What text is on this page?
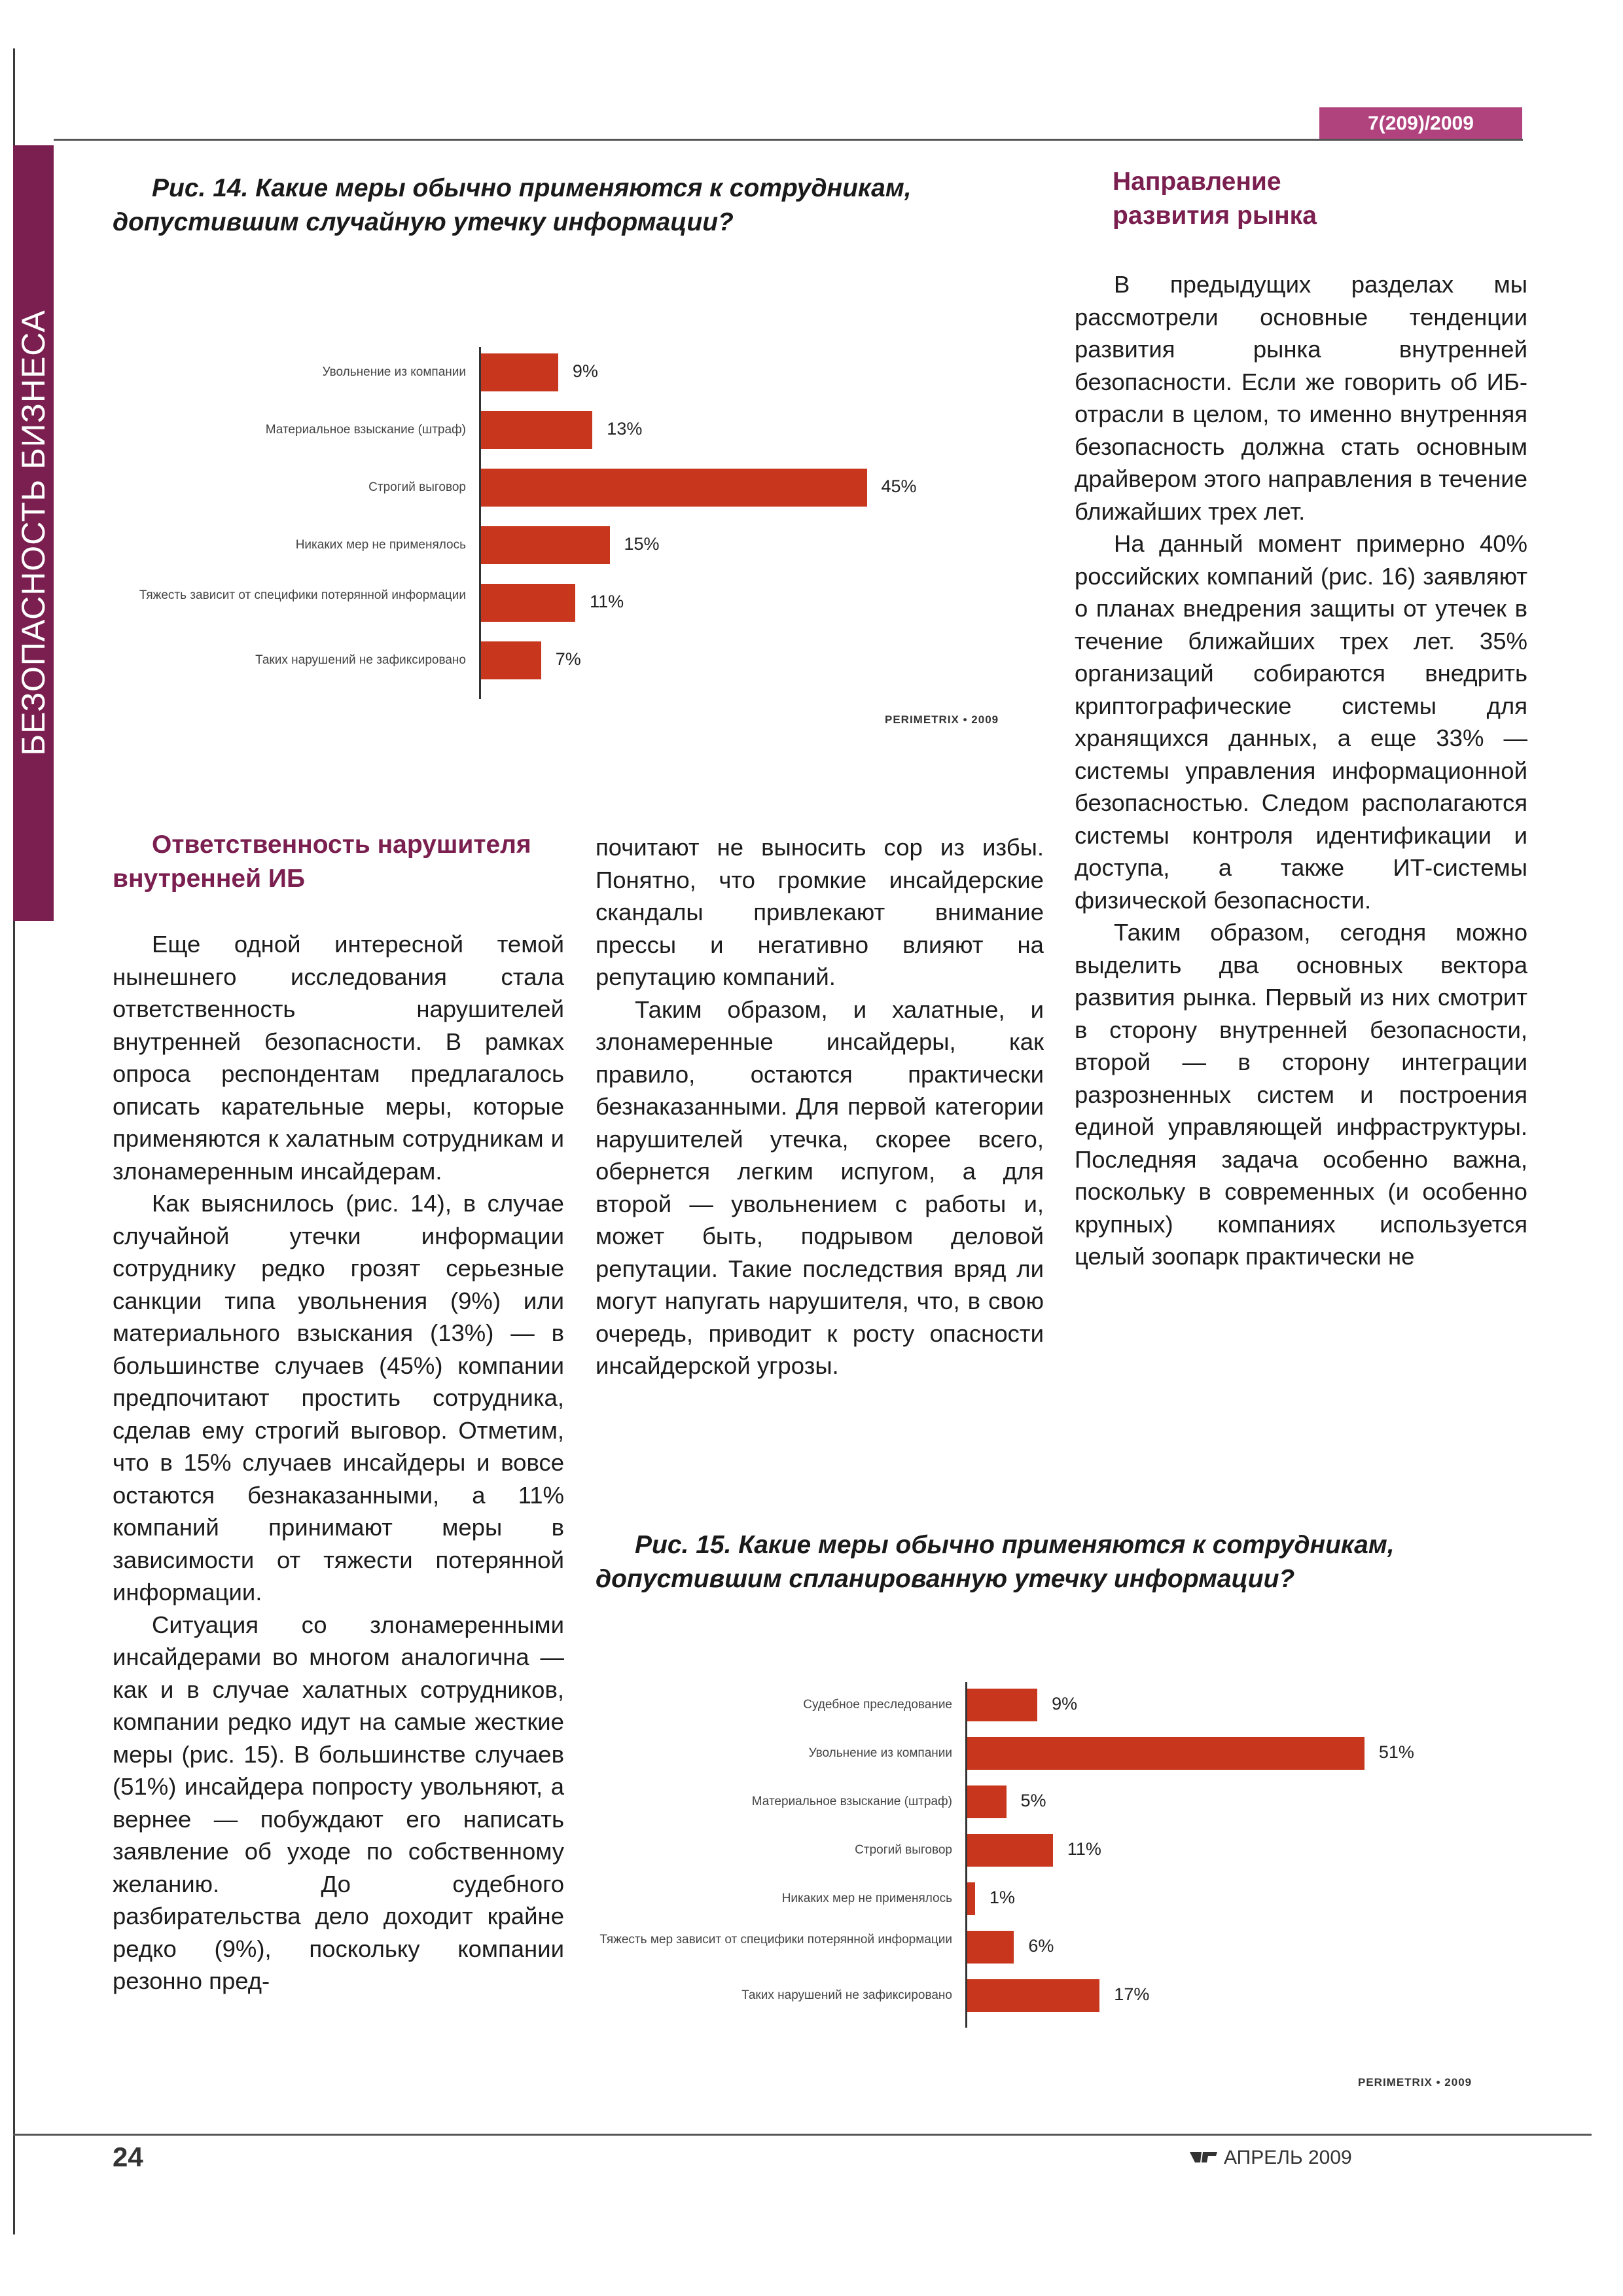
БЕЗОПАСНОСТЬ БИЗНЕСА
7(209)/2009
Рис. 14. Какие меры обычно применяются к сотрудникам, допустившим случайную утечку информации?
Увольнение из компании	9%
Материальное взыскание (штраф)	13%
Строгий выговор	45%
Никаких мер не применялось	15%
Тяжесть зависит от специфики потерянной информации	11%
Таких нарушений не зафиксировано	7%
PERIMETRIX • 2009
Направление развития рынка

В предыдущих разделах мы рассмотрели основные тенденции развития рынка внутренней безопасности. Если же говорить об ИБ-отрасли в целом, то именно внутренняя безопасность должна стать основным драйвером этого направления в течение ближайших трех лет.

На данный момент примерно 40% российских компаний (рис. 16) заявляют о планах внедрения защиты от утечек в течение ближайших трех лет. 35% организаций собираются внедрить криптографические системы для хранящихся данных, а еще 33% — системы управления информационной безопасностью. Следом располагаются системы контроля идентификации и доступа, а также ИТ-системы физической безопасности.

Таким образом, сегодня можно выделить два основных вектора развития рынка. Первый из них смотрит в сторону внутренней безопасности, второй — в сторону интеграции разрозненных систем и построения единой управляющей инфраструктуры. Последняя задача особенно важна, поскольку в современных (и особенно крупных) компаниях используется целый зоопарк практически не

Ответственность нарушителя внутренней ИБ

Еще одной интересной темой нынешнего исследования стала ответственность нарушителей внутренней безопасности. В рамках опроса респондентам предлагалось описать карательные меры, которые применяются к халатным сотрудникам и злонамеренным инсайдерам.

Как выяснилось (рис. 14), в случае случайной утечки информации сотруднику редко грозят серьезные санкции типа увольнения (9%) или материального взыскания (13%) — в большинстве случаев (45%) компании предпочитают простить сотрудника, сделав ему строгий выговор. Отметим, что в 15% случаев инсайдеры и вовсе остаются безнаказанными, а 11% компаний принимают меры в зависимости от тяжести потерянной информации.

Ситуация со злонамеренными инсайдерами во многом аналогична — как и в случае халатных сотрудников, компании редко идут на самые жесткие меры (рис. 15). В большинстве случаев (51%) инсайдера попросту увольняют, а вернее — побуждают его написать заявление об уходе по собственному желанию. До судебного разбирательства дело доходит крайне редко (9%), поскольку компании резонно пред-

почитают не выносить сор из избы. Понятно, что громкие инсайдерские скандалы привлекают внимание прессы и негативно влияют на репутацию компаний.

Таким образом, и халатные, и злонамеренные инсайдеры, как правило, остаются практически безнаказанными. Для первой категории нарушителей утечка, скорее всего, обернется легким испугом, а для второй — увольнением с работы и, может быть, подрывом деловой репутации. Такие последствия вряд ли могут напугать нарушителя, что, в свою очередь, приводит к росту опасности инсайдерской угрозы.

Рис. 15. Какие меры обычно применяются к сотрудникам, допустившим спланированную утечку информации?
Судебное преследование	9%
Увольнение из компании	51%
Материальное взыскание (штраф)	5%
Строгий выговор	11%
Никаких мер не применялось 1%
Тяжесть мер зависит от специфики потерянной информации	6%
Таких нарушений не зафиксировано	17%
PERIMETRIX • 2009
24	АПРЕЛЬ 2009
